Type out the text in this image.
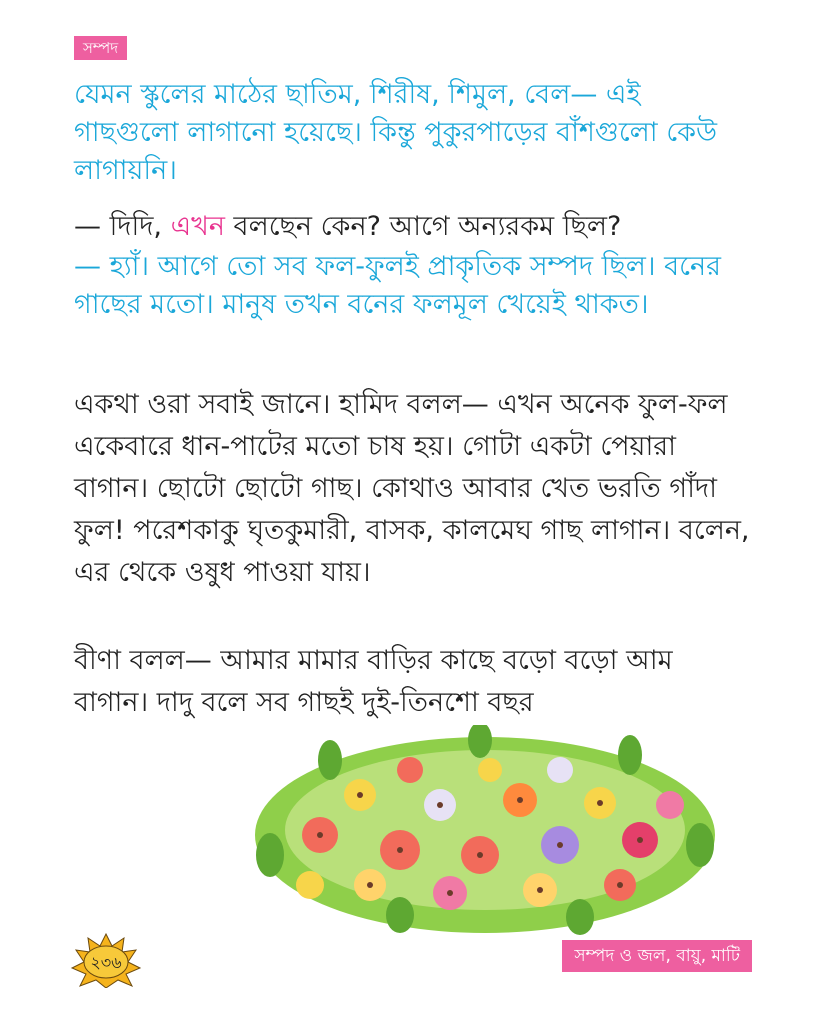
সম্পদ

যেমন স্কুলের মাঠের ছাতিম, শিরীষ, শিমুল, বেল— এই গাছগুলো লাগানো হয়েছে। কিন্তু পুকুরপাড়ের বাঁশগুলো কেউ লাগায়নি।

— দিদি, এখন বলছেন কেন? আগে অন্যরকম ছিল?

— হ্যাঁ। আগে তো সব ফল-ফুলই প্রাকৃতিক সম্পদ ছিল। বনের গাছের মতো। মানুষ তখন বনের ফলমূল খেয়েই থাকত।

একথা ওরা সবাই জানে। হামিদ বলল— এখন অনেক ফুল-ফল একেবারে ধান-পাটের মতো চাষ হয়। গোটা একটা পেয়ারা বাগান। ছোটো ছোটো গাছ। কোথাও আবার খেত ভরতি গাঁদা ফুল! পরেশকাকু ঘৃতকুমারী, বাসক, কালমেঘ গাছ লাগান। বলেন, এর থেকে ওষুধ পাওয়া যায়।

বীণা বলল— আমার মামার বাড়ির কাছে বড়ো বড়ো আম বাগান। দাদু বলে সব গাছই দুই-তিনশো বছর

২৩৬	সম্পদ ও জল, বায়ু, মাটি
